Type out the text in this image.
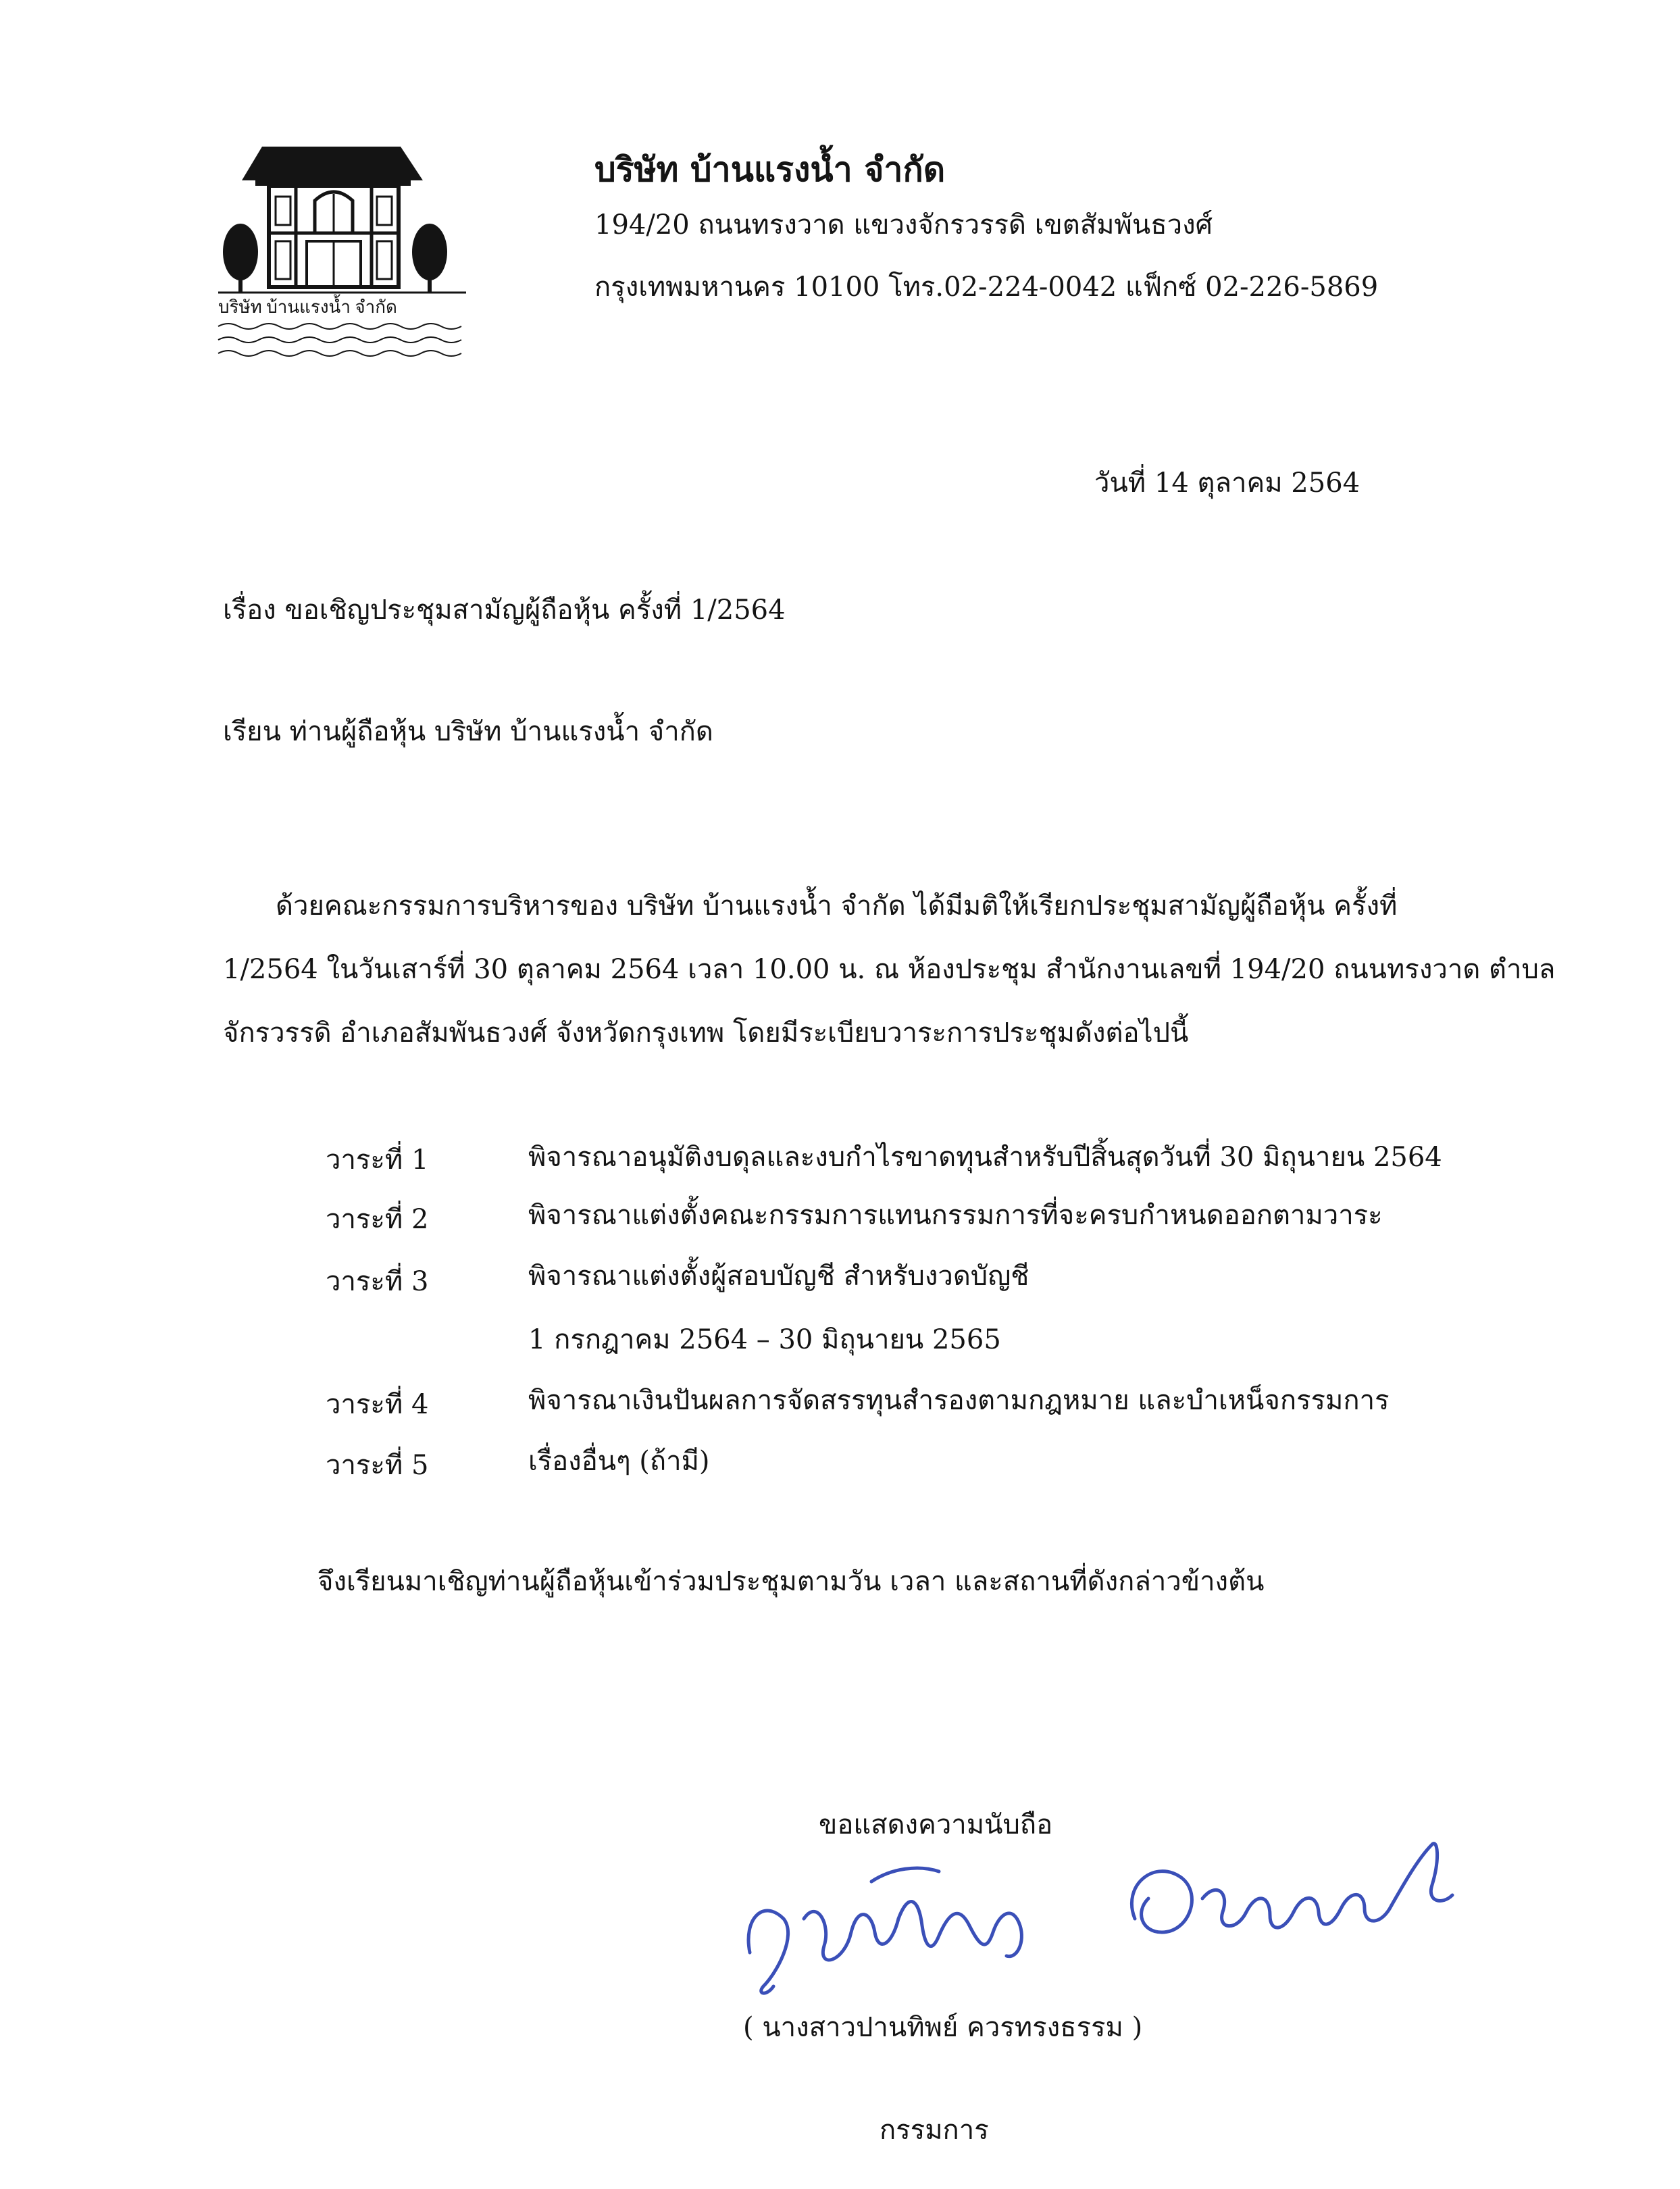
บริษัท บ้านแรงน้ำ จำกัด
บริษัท บ้านแรงน้ำ จำกัด
194/20 ถนนทรงวาด แขวงจักรวรรดิ เขตสัมพันธวงศ์
กรุงเทพมหานคร 10100 โทร.02-224-0042 แฟ็กซ์ 02-226-5869
วันที่ 14 ตุลาคม 2564
เรื่อง ขอเชิญประชุมสามัญผู้ถือหุ้น ครั้งที่ 1/2564
เรียน ท่านผู้ถือหุ้น บริษัท บ้านแรงน้ำ จำกัด
ด้วยคณะกรรมการบริหารของ บริษัท บ้านแรงน้ำ จำกัด ได้มีมติให้เรียกประชุมสามัญผู้ถือหุ้น ครั้งที่
1/2564 ในวันเสาร์ที่ 30 ตุลาคม 2564 เวลา 10.00 น. ณ ห้องประชุม สำนักงานเลขที่ 194/20 ถนนทรงวาด ตำบล
จักรวรรดิ อำเภอสัมพันธวงศ์ จังหวัดกรุงเทพ โดยมีระเบียบวาระการประชุมดังต่อไปนี้
วาระที่ 1	พิจารณาอนุมัติงบดุลและงบกำไรขาดทุนสำหรับปีสิ้นสุดวันที่ 30 มิถุนายน 2564
วาระที่ 2	พิจารณาแต่งตั้งคณะกรรมการแทนกรรมการที่จะครบกำหนดออกตามวาระ
วาระที่ 3	พิจารณาแต่งตั้งผู้สอบบัญชี สำหรับงวดบัญชี
1 กรกฎาคม 2564 – 30 มิถุนายน 2565
วาระที่ 4	พิจารณาเงินปันผลการจัดสรรทุนสำรองตามกฎหมาย และบำเหน็จกรรมการ
วาระที่ 5	เรื่องอื่นๆ (ถ้ามี)
จึงเรียนมาเชิญท่านผู้ถือหุ้นเข้าร่วมประชุมตามวัน เวลา และสถานที่ดังกล่าวข้างต้น
ขอแสดงความนับถือ
( นางสาวปานทิพย์ ควรทรงธรรม )
กรรมการ
